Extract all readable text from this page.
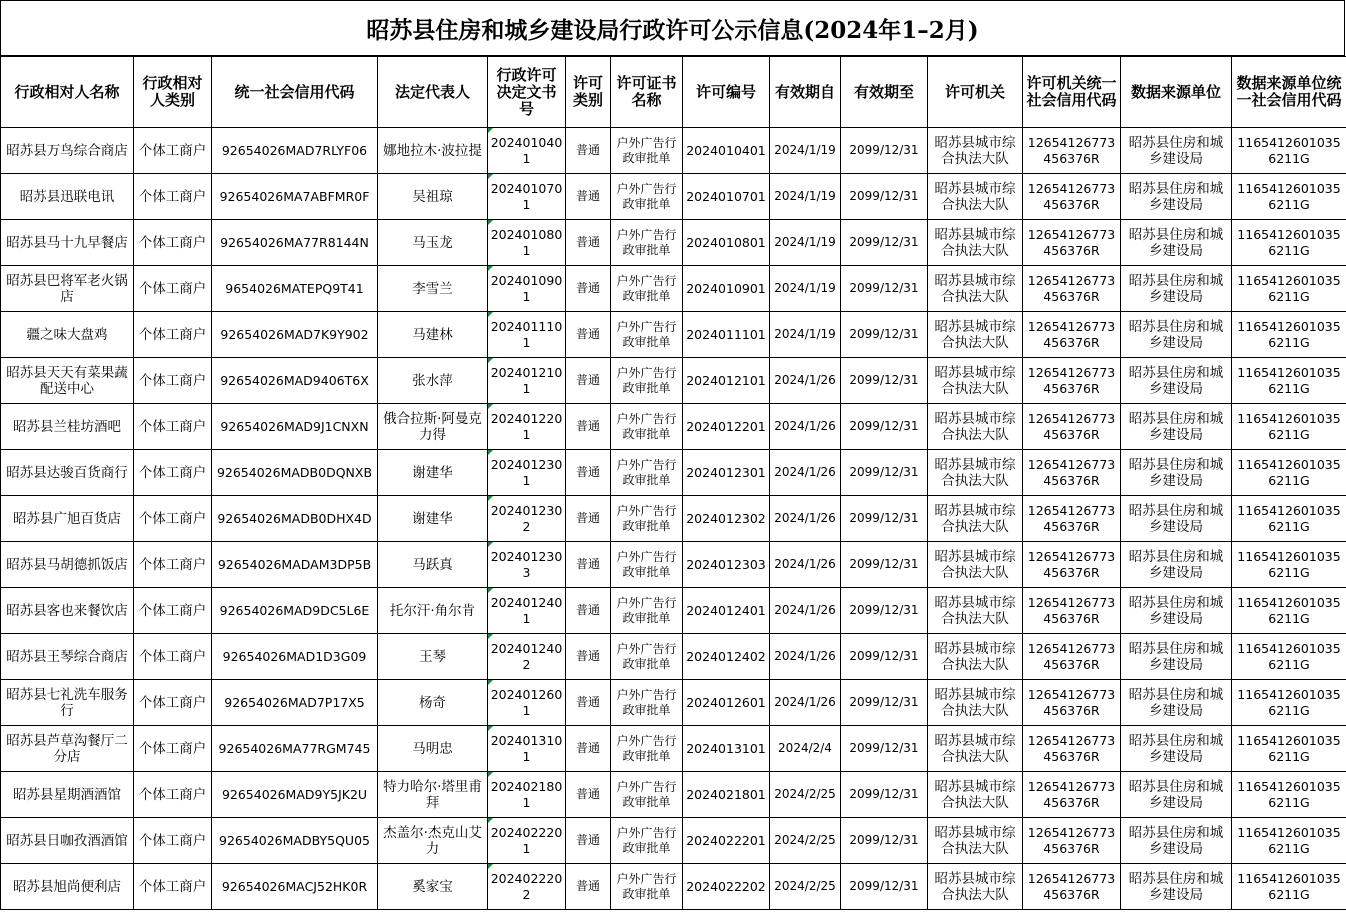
昭苏县住房和城乡建设局行政许可公示信息(2024年1–2月)
行政相对人名称	行政相对人类别	统一社会信用代码	法定代表人	行政许可决定文书号	许可类别	许可证书名称	许可编号	有效期自	有效期至	许可机关	许可机关统一社会信用代码	数据来源单位	数据来源单位统一社会信用代码
昭苏县万鸟综合商店	个体工商户	92654026MAD7RLYF06	娜地拉木·波拉提	2024010401	普通	户外广告行政审批单	2024010401	2024/1/19	2099/12/31	昭苏县城市综合执法大队	12654126773456376R	昭苏县住房和城乡建设局	11654126010356211G
昭苏县迅联电讯	个体工商户	92654026MA7ABFMR0F	吴祖琼	2024010701	普通	户外广告行政审批单	2024010701	2024/1/19	2099/12/31	昭苏县城市综合执法大队	12654126773456376R	昭苏县住房和城乡建设局	11654126010356211G
昭苏县马十九早餐店	个体工商户	92654026MA77R8144N	马玉龙	2024010801	普通	户外广告行政审批单	2024010801	2024/1/19	2099/12/31	昭苏县城市综合执法大队	12654126773456376R	昭苏县住房和城乡建设局	11654126010356211G
昭苏县巴将军老火锅店	个体工商户	9654026MATEPQ9T41	李雪兰	2024010901	普通	户外广告行政审批单	2024010901	2024/1/19	2099/12/31	昭苏县城市综合执法大队	12654126773456376R	昭苏县住房和城乡建设局	11654126010356211G
疆之味大盘鸡	个体工商户	92654026MAD7K9Y902	马建林	2024011101	普通	户外广告行政审批单	2024011101	2024/1/19	2099/12/31	昭苏县城市综合执法大队	12654126773456376R	昭苏县住房和城乡建设局	11654126010356211G
昭苏县天天有菜果蔬配送中心	个体工商户	92654026MAD9406T6X	张水萍	2024012101	普通	户外广告行政审批单	2024012101	2024/1/26	2099/12/31	昭苏县城市综合执法大队	12654126773456376R	昭苏县住房和城乡建设局	11654126010356211G
昭苏县兰桂坊酒吧	个体工商户	92654026MAD9J1CNXN	俄合拉斯·阿曼克力得	2024012201	普通	户外广告行政审批单	2024012201	2024/1/26	2099/12/31	昭苏县城市综合执法大队	12654126773456376R	昭苏县住房和城乡建设局	11654126010356211G
昭苏县达骏百货商行	个体工商户	92654026MADB0DQNXB	谢建华	2024012301	普通	户外广告行政审批单	2024012301	2024/1/26	2099/12/31	昭苏县城市综合执法大队	12654126773456376R	昭苏县住房和城乡建设局	11654126010356211G
昭苏县广旭百货店	个体工商户	92654026MADB0DHX4D	谢建华	2024012302	普通	户外广告行政审批单	2024012302	2024/1/26	2099/12/31	昭苏县城市综合执法大队	12654126773456376R	昭苏县住房和城乡建设局	11654126010356211G
昭苏县马胡德抓饭店	个体工商户	92654026MADAM3DP5B	马跃真	2024012303	普通	户外广告行政审批单	2024012303	2024/1/26	2099/12/31	昭苏县城市综合执法大队	12654126773456376R	昭苏县住房和城乡建设局	11654126010356211G
昭苏县客也来餐饮店	个体工商户	92654026MAD9DC5L6E	托尔汗·角尔肯	2024012401	普通	户外广告行政审批单	2024012401	2024/1/26	2099/12/31	昭苏县城市综合执法大队	12654126773456376R	昭苏县住房和城乡建设局	11654126010356211G
昭苏县王琴综合商店	个体工商户	92654026MAD1D3G09	王琴	2024012402	普通	户外广告行政审批单	2024012402	2024/1/26	2099/12/31	昭苏县城市综合执法大队	12654126773456376R	昭苏县住房和城乡建设局	11654126010356211G
昭苏县七礼洗车服务行	个体工商户	92654026MAD7P17X5	杨奇	2024012601	普通	户外广告行政审批单	2024012601	2024/1/26	2099/12/31	昭苏县城市综合执法大队	12654126773456376R	昭苏县住房和城乡建设局	11654126010356211G
昭苏县芦草沟餐厅二分店	个体工商户	92654026MA77RGM745	马明忠	2024013101	普通	户外广告行政审批单	2024013101	2024/2/4	2099/12/31	昭苏县城市综合执法大队	12654126773456376R	昭苏县住房和城乡建设局	11654126010356211G
昭苏县星期酒酒馆	个体工商户	92654026MAD9Y5JK2U	特力哈尔·塔里甫拜	2024021801	普通	户外广告行政审批单	2024021801	2024/2/25	2099/12/31	昭苏县城市综合执法大队	12654126773456376R	昭苏县住房和城乡建设局	11654126010356211G
昭苏县日咖孜酒酒馆	个体工商户	92654026MADBY5QU05	杰盖尔·杰克山艾力	2024022201	普通	户外广告行政审批单	2024022201	2024/2/25	2099/12/31	昭苏县城市综合执法大队	12654126773456376R	昭苏县住房和城乡建设局	11654126010356211G
昭苏县旭尚便利店	个体工商户	92654026MACJ52HK0R	奚家宝	2024022202	普通	户外广告行政审批单	2024022202	2024/2/25	2099/12/31	昭苏县城市综合执法大队	12654126773456376R	昭苏县住房和城乡建设局	11654126010356211G
